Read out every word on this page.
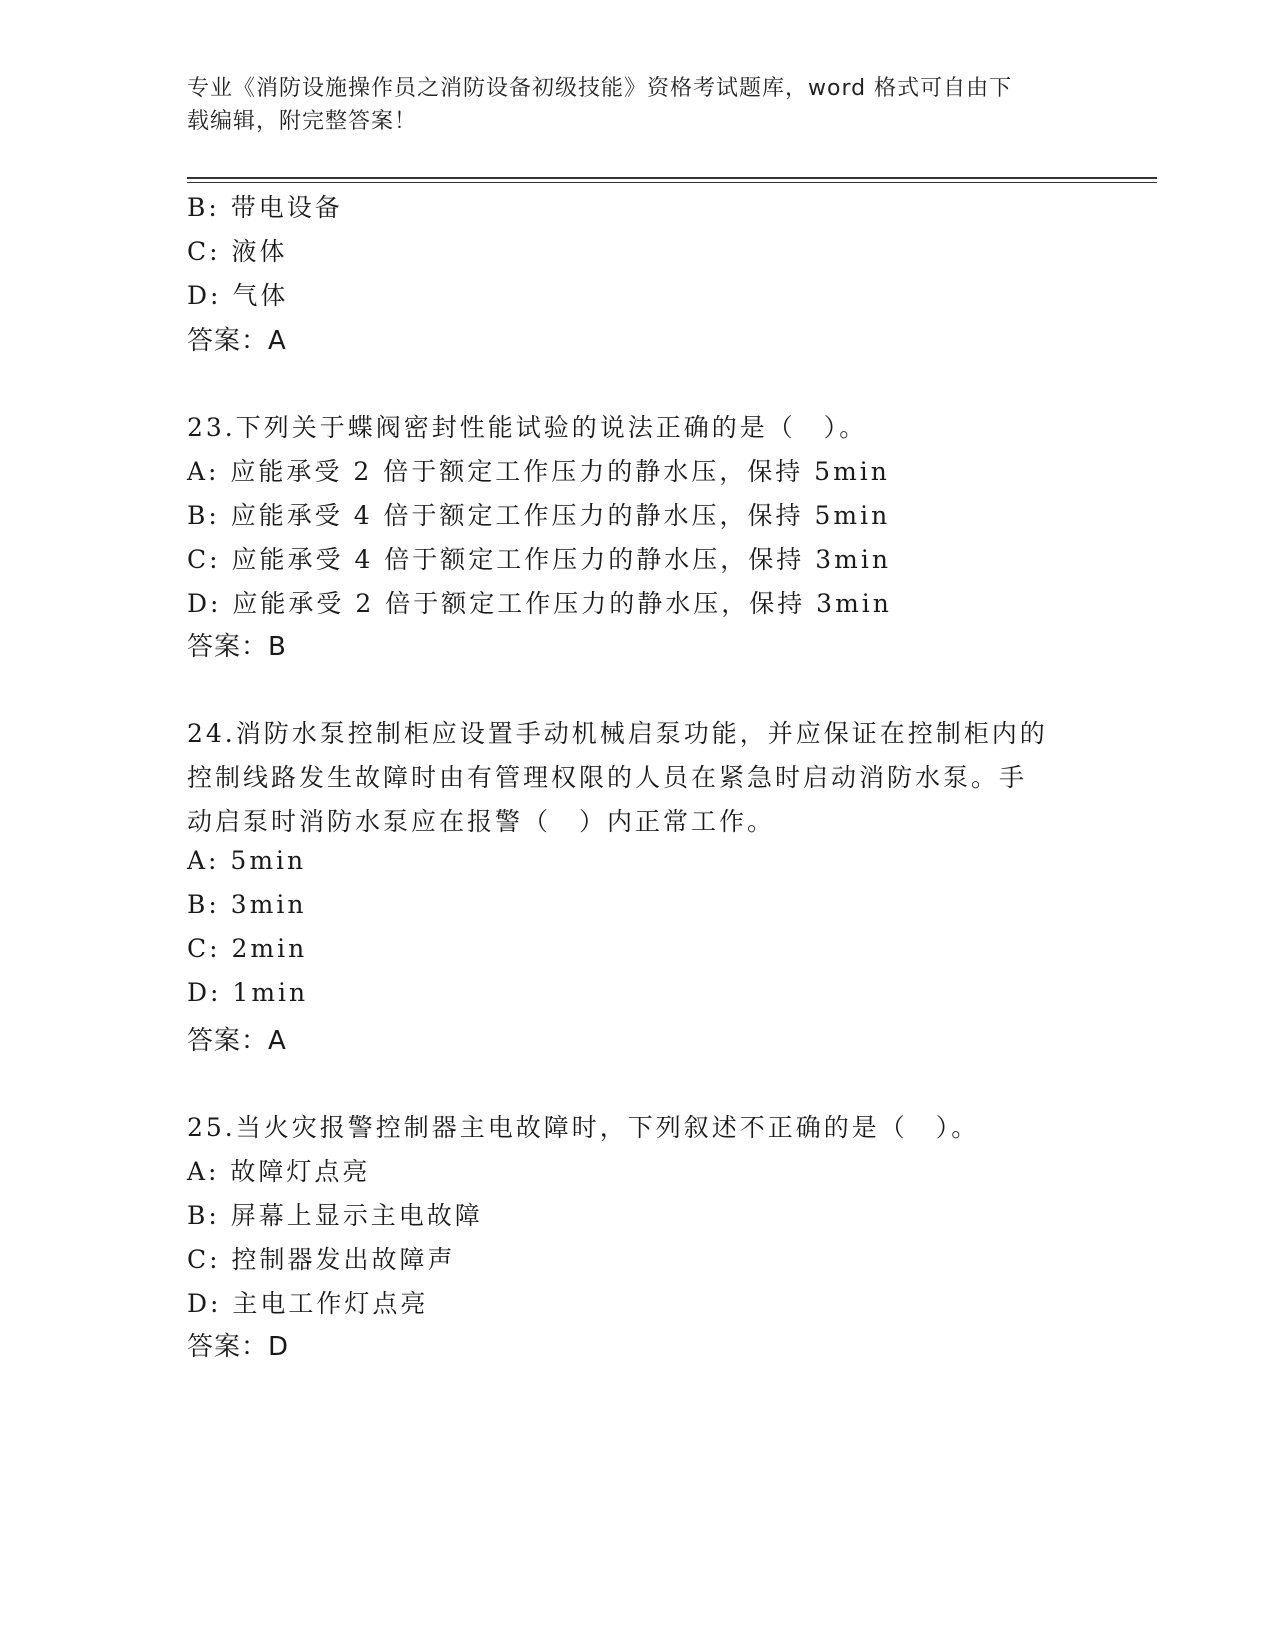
专业《消防设施操作员之消防设备初级技能》资格考试题库，word 格式可自由下
载编辑，附完整答案！
B: 带电设备
C: 液体
D: 气体
答案：A
23.下列关于蝶阀密封性能试验的说法正确的是（　）。
A: 应能承受 2 倍于额定工作压力的静水压，保持 5min
B: 应能承受 4 倍于额定工作压力的静水压，保持 5min
C: 应能承受 4 倍于额定工作压力的静水压，保持 3min
D: 应能承受 2 倍于额定工作压力的静水压，保持 3min
答案：B
24.消防水泵控制柜应设置手动机械启泵功能，并应保证在控制柜内的
控制线路发生故障时由有管理权限的人员在紧急时启动消防水泵。手
动启泵时消防水泵应在报警（　）内正常工作。
A: 5min
B: 3min
C: 2min
D: 1min
答案：A
25.当火灾报警控制器主电故障时，下列叙述不正确的是（　）。
A: 故障灯点亮
B: 屏幕上显示主电故障
C: 控制器发出故障声
D: 主电工作灯点亮
答案：D
